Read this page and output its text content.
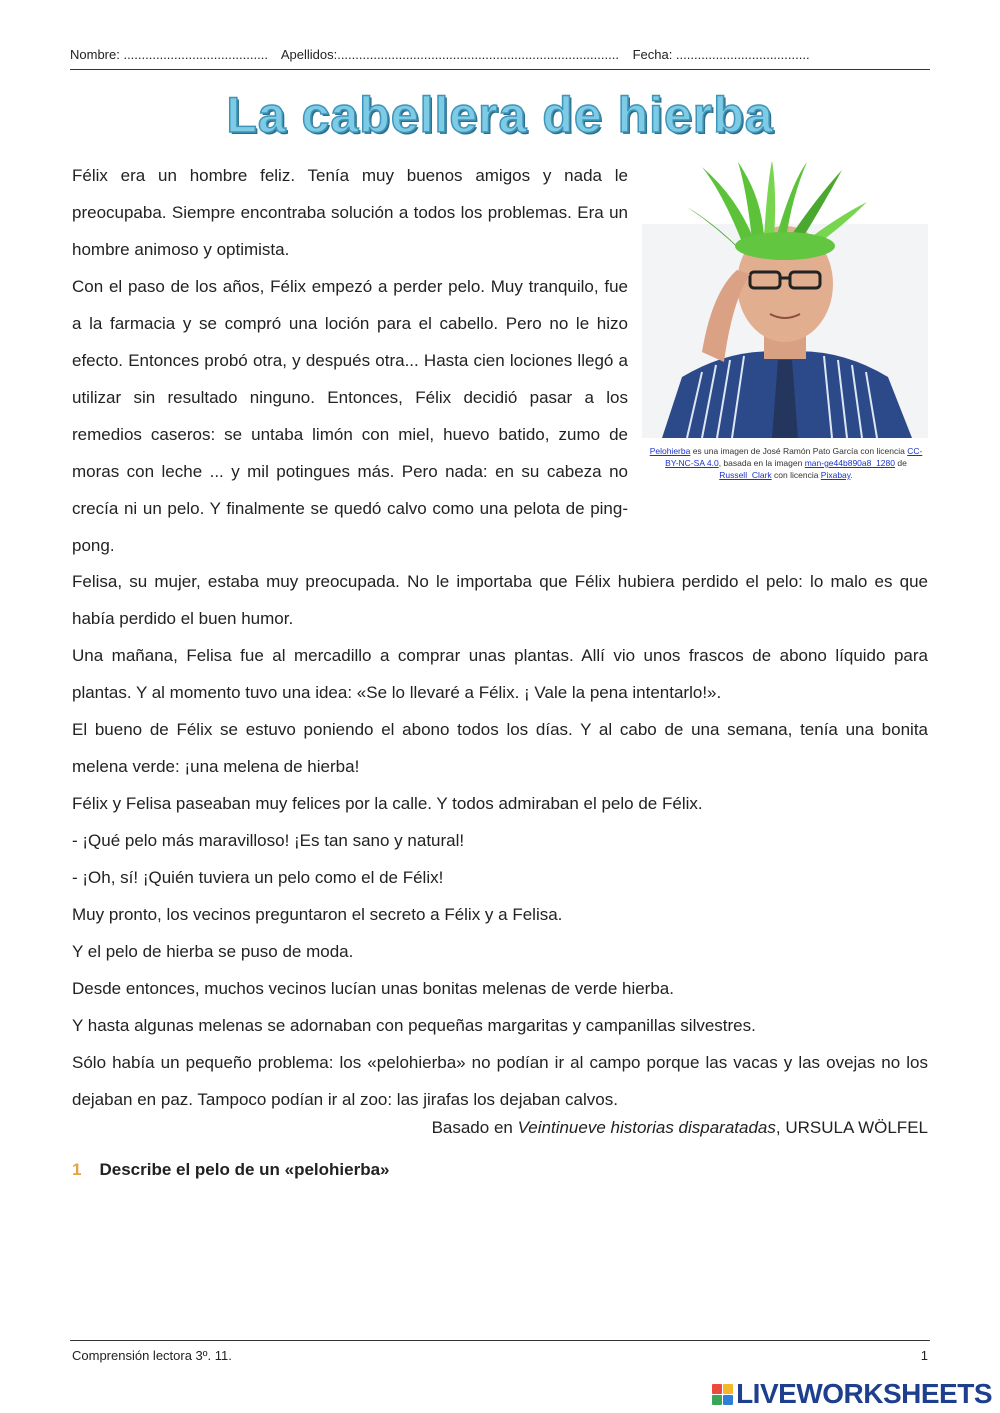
Nombre: ........................................ Apellidos:.............................................................................. Fecha: .....................................
La cabellera de hierba

Félix era un hombre feliz. Tenía muy buenos amigos y nada le preocupaba. Siempre encontraba solución a todos los problemas. Era un hombre animoso y optimista.

Con el paso de los años, Félix empezó a perder pelo. Muy tranquilo, fue a la farmacia y se compró una loción para el cabello. Pero no le hizo efecto. Entonces probó otra, y después otra... Hasta cien lociones llegó a utilizar sin resultado ninguno. Entonces, Félix decidió pasar a los remedios caseros: se untaba limón con miel, huevo batido, zumo de moras con leche ... y mil potingues más. Pero nada: en su cabeza no crecía ni un pelo. Y finalmente se quedó calvo como una pelota de ping-pong.

Pelohierba es una imagen de José Ramón Pato García con licencia CC-BY-NC-SA 4.0, basada en la imagen man-ge44b890a8_1280 de Russell_Clark con licencia Pixabay.

Felisa, su mujer, estaba muy preocupada. No le importaba que Félix hubiera perdido el pelo: lo malo es que había perdido el buen humor.

Una mañana, Felisa fue al mercadillo a comprar unas plantas. Allí vio unos frascos de abono líquido para plantas. Y al momento tuvo una idea: «Se lo llevaré a Félix. ¡ Vale la pena intentarlo!».

El bueno de Félix se estuvo poniendo el abono todos los días. Y al cabo de una semana, tenía una bonita melena verde: ¡una melena de hierba!

Félix y Felisa paseaban muy felices por la calle. Y todos admiraban el pelo de Félix.

- ¡Qué pelo más maravilloso! ¡Es tan sano y natural!

- ¡Oh, sí! ¡Quién tuviera un pelo como el de Félix!

Muy pronto, los vecinos preguntaron el secreto a Félix y a Felisa.

Y el pelo de hierba se puso de moda.

Desde entonces, muchos vecinos lucían unas bonitas melenas de verde hierba.

Y hasta algunas melenas se adornaban con pequeñas margaritas y campanillas silvestres.

Sólo había un pequeño problema: los «pelohierba» no podían ir al campo porque las vacas y las ovejas no los dejaban en paz. Tampoco podían ir al zoo: las jirafas los dejaban calvos.

Basado en Veintinueve historias disparatadas, URSULA WÖLFEL
1 Describe el pelo de un «pelohierba»
Comprensión lectora 3º. 11.	1
LIVEWORKSHEETS
